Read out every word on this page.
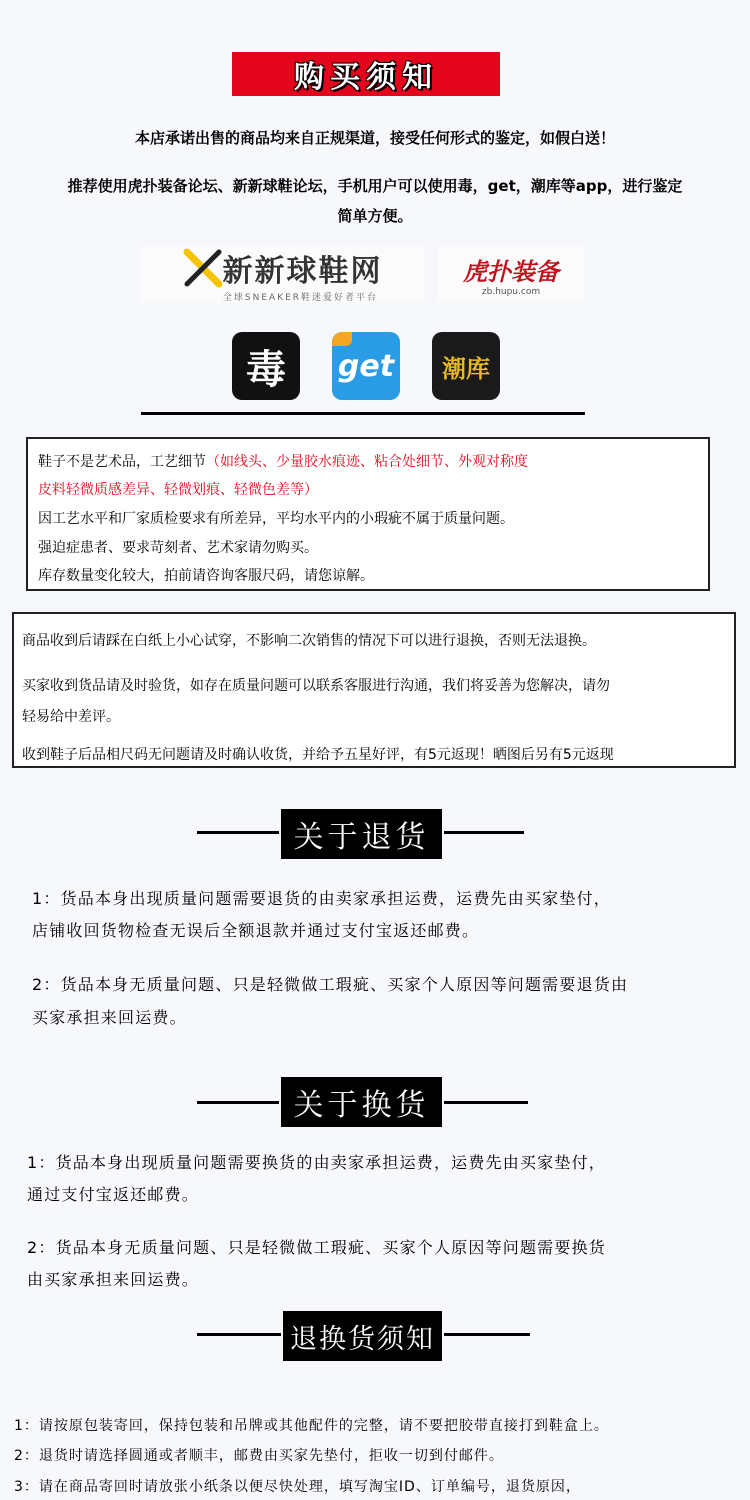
购买须知
本店承诺出售的商品均来自正规渠道，接受任何形式的鉴定，如假白送！
推荐使用虎扑装备论坛、新新球鞋论坛，手机用户可以使用毒，get，潮库等app，进行鉴定
简单方便。
新新球鞋网
全球SNEAKER鞋迷爱好者平台
虎扑装备
zb.hupu.com
毒 get 潮库
鞋子不是艺术品，工艺细节（如线头、少量胶水痕迹、粘合处细节、外观对称度
皮料轻微质感差异、轻微划痕、轻微色差等）
因工艺水平和厂家质检要求有所差异，平均水平内的小瑕疵不属于质量问题。
强迫症患者、要求苛刻者、艺术家请勿购买。
库存数量变化较大，拍前请咨询客服尺码，请您谅解。
商品收到后请踩在白纸上小心试穿，不影响二次销售的情况下可以进行退换，否则无法退换。
买家收到货品请及时验货，如存在质量问题可以联系客服进行沟通，我们将妥善为您解决，请勿
轻易给中差评。
收到鞋子后品相尺码无问题请及时确认收货，并给予五星好评，有5元返现！晒图后另有5元返现
关于退货
1：货品本身出现质量问题需要退货的由卖家承担运费，运费先由买家垫付，
店铺收回货物检查无误后全额退款并通过支付宝返还邮费。
2：货品本身无质量问题、只是轻微做工瑕疵、买家个人原因等问题需要退货由
买家承担来回运费。
关于换货
1：货品本身出现质量问题需要换货的由卖家承担运费，运费先由买家垫付，
通过支付宝返还邮费。
2：货品本身无质量问题、只是轻微做工瑕疵、买家个人原因等问题需要换货
由买家承担来回运费。
退换货须知
1：请按原包装寄回，保持包装和吊牌或其他配件的完整，请不要把胶带直接打到鞋盒上。
2：退货时请选择圆通或者顺丰，邮费由买家先垫付，拒收一切到付邮件。
3：请在商品寄回时请放张小纸条以便尽快处理，填写淘宝ID、订单编号，退货原因，
